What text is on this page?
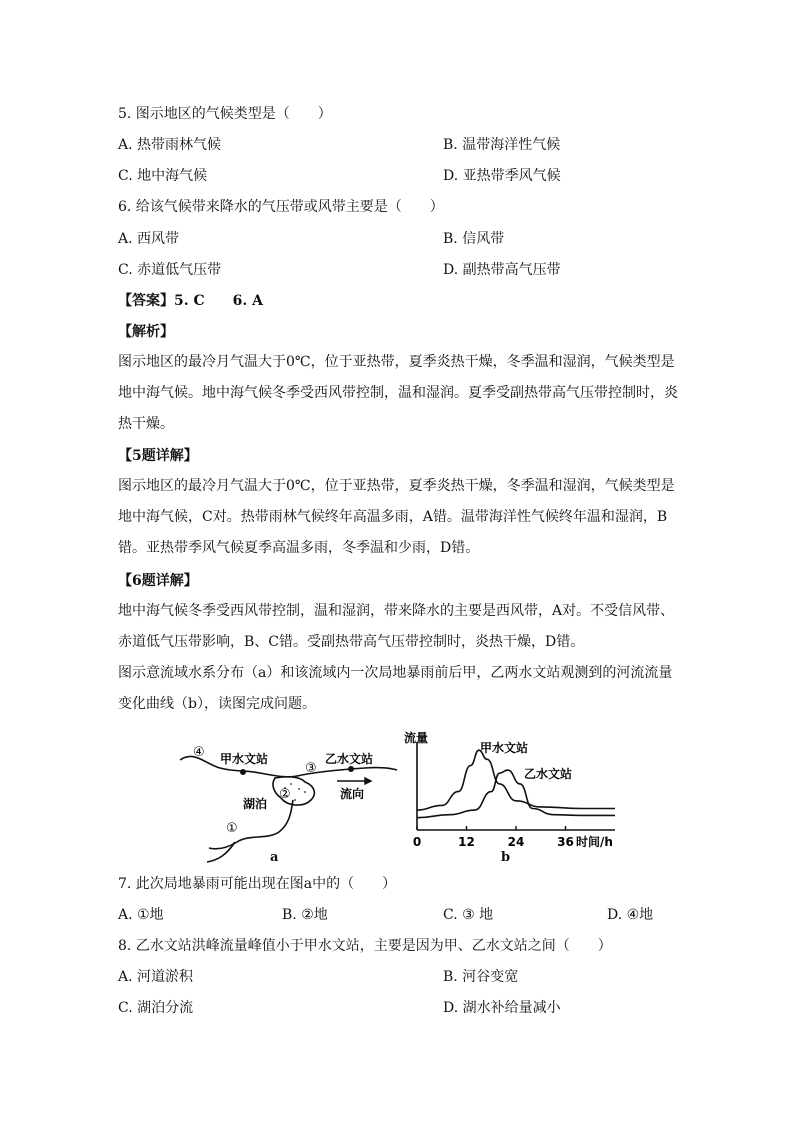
5. 图示地区的气候类型是（　　）
A. 热带雨林气候	B. 温带海洋性气候
C. 地中海气候	D. 亚热带季风气候
6. 给该气候带来降水的气压带或风带主要是（　　）
A. 西风带	B. 信风带
C. 赤道低气压带	D. 副热带高气压带
【答案】5. C　　6. A
【解析】
图示地区的最冷月气温大于0℃，位于亚热带，夏季炎热干燥，冬季温和湿润，气候类型是地中海气候。地中海气候冬季受西风带控制，温和湿润。夏季受副热带高气压带控制时，炎热干燥。
【5题详解】
图示地区的最冷月气温大于0℃，位于亚热带，夏季炎热干燥，冬季温和湿润，气候类型是地中海气候，C对。热带雨林气候终年高温多雨，A错。温带海洋性气候终年温和湿润，B错。亚热带季风气候夏季高温多雨，冬季温和少雨，D错。
【6题详解】
地中海气候冬季受西风带控制，温和湿润，带来降水的主要是西风带，A对。不受信风带、赤道低气压带影响，B、C错。受副热带高气压带控制时，炎热干燥，D错。
图示意流域水系分布（a）和该流域内一次局地暴雨前后甲，乙两水文站观测到的河流流量变化曲线（b），读图完成问题。
④ 甲水文站
③
乙水文站
②
湖泊
流向
①
a
0	12	24	36
流量
时间/h
甲水文站
乙水文站
b
7. 此次局地暴雨可能出现在图a中的（　　）
A. ①地	B. ②地	C. ③ 地	D. ④地
8. 乙水文站洪峰流量峰值小于甲水文站，主要是因为甲、乙水文站之间（　　）
A. 河道淤积	B. 河谷变宽
C. 湖泊分流	D. 湖水补给量减小
